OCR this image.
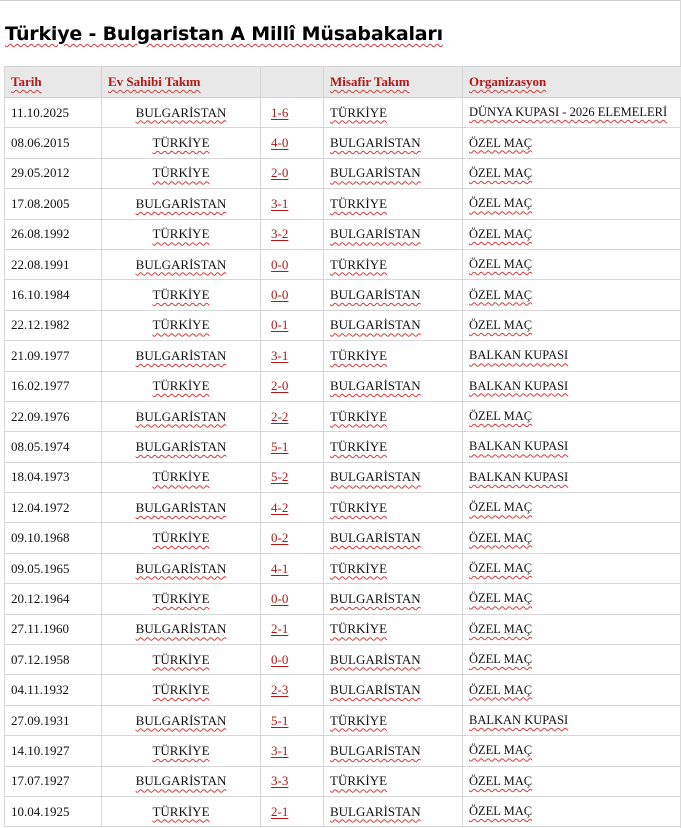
Türkiye - Bulgaristan A Millî Müsabakaları
Tarih	Ev Sahibi Takım		Misafir Takım	Organizasyon
11.10.2025	BULGARİSTAN	1-6	TÜRKİYE	DÜNYA KUPASI - 2026 ELEMELERİ
08.06.2015	TÜRKİYE	4-0	BULGARİSTAN	ÖZEL MAÇ
29.05.2012	TÜRKİYE	2-0	BULGARİSTAN	ÖZEL MAÇ
17.08.2005	BULGARİSTAN	3-1	TÜRKİYE	ÖZEL MAÇ
26.08.1992	TÜRKİYE	3-2	BULGARİSTAN	ÖZEL MAÇ
22.08.1991	BULGARİSTAN	0-0	TÜRKİYE	ÖZEL MAÇ
16.10.1984	TÜRKİYE	0-0	BULGARİSTAN	ÖZEL MAÇ
22.12.1982	TÜRKİYE	0-1	BULGARİSTAN	ÖZEL MAÇ
21.09.1977	BULGARİSTAN	3-1	TÜRKİYE	BALKAN KUPASI
16.02.1977	TÜRKİYE	2-0	BULGARİSTAN	BALKAN KUPASI
22.09.1976	BULGARİSTAN	2-2	TÜRKİYE	ÖZEL MAÇ
08.05.1974	BULGARİSTAN	5-1	TÜRKİYE	BALKAN KUPASI
18.04.1973	TÜRKİYE	5-2	BULGARİSTAN	BALKAN KUPASI
12.04.1972	BULGARİSTAN	4-2	TÜRKİYE	ÖZEL MAÇ
09.10.1968	TÜRKİYE	0-2	BULGARİSTAN	ÖZEL MAÇ
09.05.1965	BULGARİSTAN	4-1	TÜRKİYE	ÖZEL MAÇ
20.12.1964	TÜRKİYE	0-0	BULGARİSTAN	ÖZEL MAÇ
27.11.1960	BULGARİSTAN	2-1	TÜRKİYE	ÖZEL MAÇ
07.12.1958	TÜRKİYE	0-0	BULGARİSTAN	ÖZEL MAÇ
04.11.1932	TÜRKİYE	2-3	BULGARİSTAN	ÖZEL MAÇ
27.09.1931	BULGARİSTAN	5-1	TÜRKİYE	BALKAN KUPASI
14.10.1927	TÜRKİYE	3-1	BULGARİSTAN	ÖZEL MAÇ
17.07.1927	BULGARİSTAN	3-3	TÜRKİYE	ÖZEL MAÇ
10.04.1925	TÜRKİYE	2-1	BULGARİSTAN	ÖZEL MAÇ
